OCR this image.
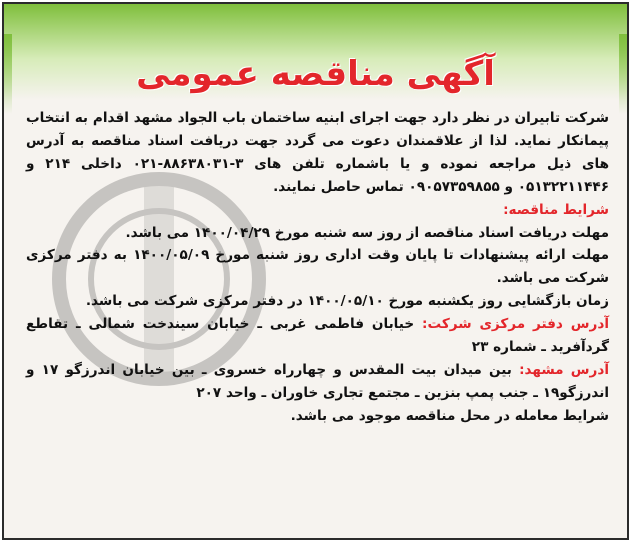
آگهی مناقصه عمومی

شرکت تابیران در نظر دارد جهت اجرای ابنیه ساختمان باب الجواد مشهد اقدام به انتخاب پیمانکار نماید. لذا از علاقمندان دعوت می گردد جهت دریافت اسناد مناقصه به آدرس های ذیل مراجعه نموده و یا باشماره تلفن های ۳-۸۸۶۳۸۰۳۱-۰۲۱ داخلی ۲۱۴ و ۰۵۱۳۲۲۱۱۴۴۶ و ۰۹۰۵۷۳۵۹۸۵۵ تماس حاصل نمایند.

شرایط مناقصه:

مهلت دریافت اسناد مناقصه از روز سه شنبه مورخ ۱۴۰۰/۰۴/۲۹ می باشد.

مهلت ارائه پیشنهادات تا پایان وقت اداری روز شنبه مورخ ۱۴۰۰/۰۵/۰۹ به دفتر مرکزی شرکت می باشد.

زمان بازگشایی روز یکشنبه مورخ ۱۴۰۰/۰۵/۱۰ در دفتر مرکزی شرکت می باشد.

آدرس دفتر مرکزی شرکت: خیابان فاطمی غربی ـ خیابان سیندخت شمالی ـ تقاطع گردآفرید ـ شماره ۲۳

آدرس مشهد: بین میدان بیت المقدس و چهارراه خسروی ـ بین خیابان اندرزگو ۱۷ و اندرزگو۱۹ ـ جنب پمپ بنزین ـ مجتمع تجاری خاوران ـ واحد ۲۰۷

شرایط معامله در محل مناقصه موجود می باشد.
